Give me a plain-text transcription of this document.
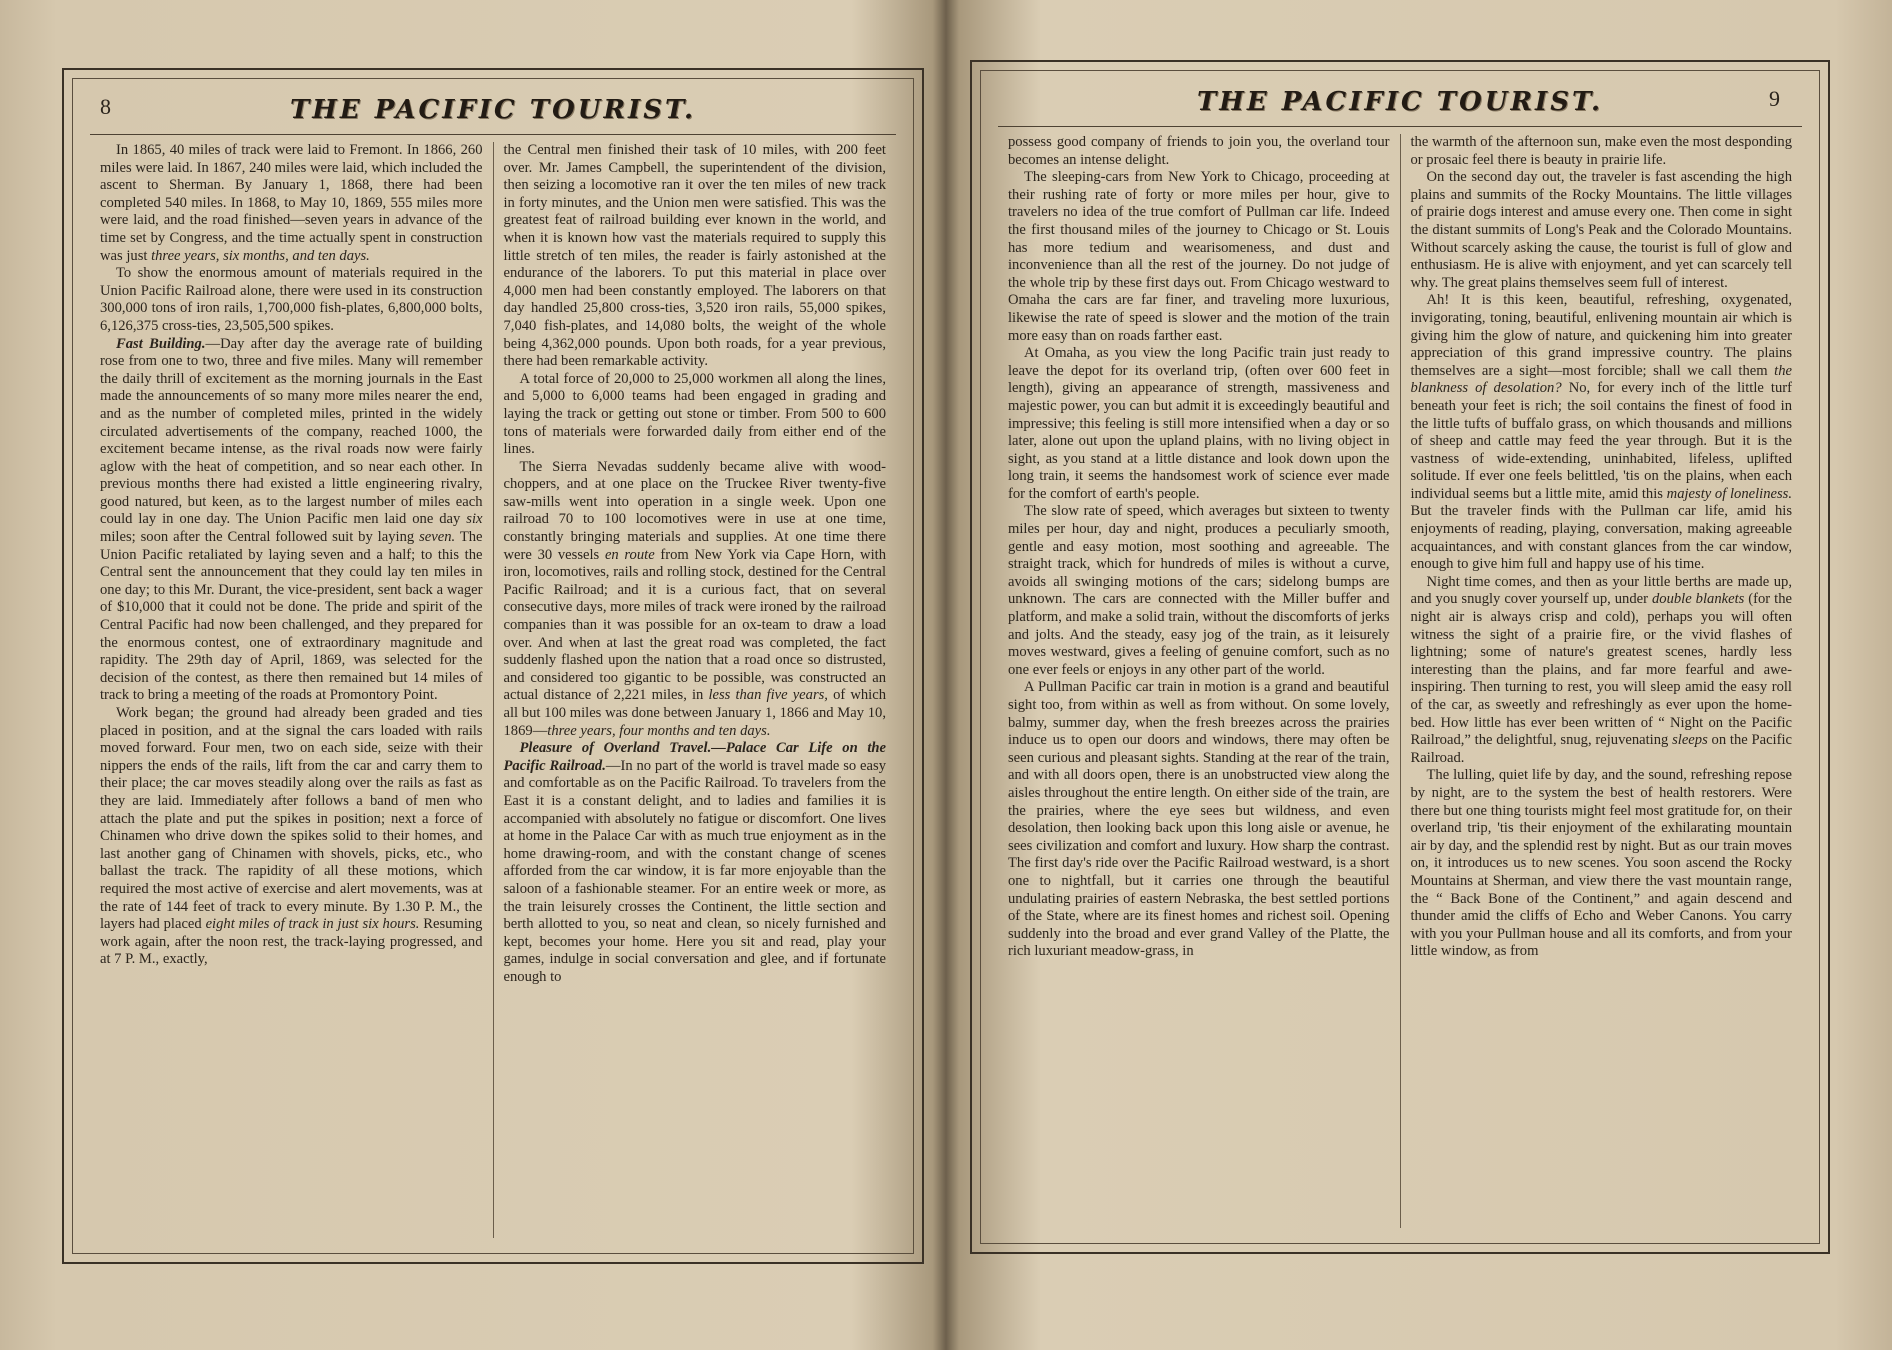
8	THE PACIFIC TOURIST.

In 1865, 40 miles of track were laid to Fremont. In 1866, 260 miles were laid. In 1867, 240 miles were laid, which included the ascent to Sherman. By January 1, 1868, there had been completed 540 miles. In 1868, to May 10, 1869, 555 miles more were laid, and the road finished—seven years in advance of the time set by Congress, and the time actually spent in construction was just three years, six months, and ten days.

To show the enormous amount of materials required in the Union Pacific Railroad alone, there were used in its construction 300,000 tons of iron rails, 1,700,000 fish-plates, 6,800,000 bolts, 6,126,375 cross-ties, 23,505,500 spikes.

Fast Building.—Day after day the average rate of building rose from one to two, three and five miles. Many will remember the daily thrill of excitement as the morning journals in the East made the announcements of so many more miles nearer the end, and as the number of completed miles, printed in the widely circulated advertisements of the company, reached 1000, the excitement became intense, as the rival roads now were fairly aglow with the heat of competition, and so near each other. In previous months there had existed a little engineering rivalry, good natured, but keen, as to the largest number of miles each could lay in one day. The Union Pacific men laid one day six miles; soon after the Central followed suit by laying seven. The Union Pacific retaliated by laying seven and a half; to this the Central sent the announcement that they could lay ten miles in one day; to this Mr. Durant, the vice-president, sent back a wager of $10,000 that it could not be done. The pride and spirit of the Central Pacific had now been challenged, and they prepared for the enormous contest, one of extraordinary magnitude and rapidity. The 29th day of April, 1869, was selected for the decision of the contest, as there then remained but 14 miles of track to bring a meeting of the roads at Promontory Point.

Work began; the ground had already been graded and ties placed in position, and at the signal the cars loaded with rails moved forward. Four men, two on each side, seize with their nippers the ends of the rails, lift from the car and carry them to their place; the car moves steadily along over the rails as fast as they are laid. Immediately after follows a band of men who attach the plate and put the spikes in position; next a force of Chinamen who drive down the spikes solid to their homes, and last another gang of Chinamen with shovels, picks, etc., who ballast the track. The rapidity of all these motions, which required the most active of exercise and alert movements, was at the rate of 144 feet of track to every minute. By 1.30 P. M., the layers had placed eight miles of track in just six hours. Resuming work again, after the noon rest, the track-laying progressed, and at 7 P. M., exactly,

the Central men finished their task of 10 miles, with 200 feet over. Mr. James Campbell, the superintendent of the division, then seizing a locomotive ran it over the ten miles of new track in forty minutes, and the Union men were satisfied. This was the greatest feat of railroad building ever known in the world, and when it is known how vast the materials required to supply this little stretch of ten miles, the reader is fairly astonished at the endurance of the laborers. To put this material in place over 4,000 men had been constantly employed. The laborers on that day handled 25,800 cross-ties, 3,520 iron rails, 55,000 spikes, 7,040 fish-plates, and 14,080 bolts, the weight of the whole being 4,362,000 pounds. Upon both roads, for a year previous, there had been remarkable activity.

A total force of 20,000 to 25,000 workmen all along the lines, and 5,000 to 6,000 teams had been engaged in grading and laying the track or getting out stone or timber. From 500 to 600 tons of materials were forwarded daily from either end of the lines.

The Sierra Nevadas suddenly became alive with wood-choppers, and at one place on the Truckee River twenty-five saw-mills went into operation in a single week. Upon one railroad 70 to 100 locomotives were in use at one time, constantly bringing materials and supplies. At one time there were 30 vessels en route from New York via Cape Horn, with iron, locomotives, rails and rolling stock, destined for the Central Pacific Railroad; and it is a curious fact, that on several consecutive days, more miles of track were ironed by the railroad companies than it was possible for an ox-team to draw a load over. And when at last the great road was completed, the fact suddenly flashed upon the nation that a road once so distrusted, and considered too gigantic to be possible, was constructed an actual distance of 2,221 miles, in less than five years, of which all but 100 miles was done between January 1, 1866 and May 10, 1869—three years, four months and ten days.

Pleasure of Overland Travel.—Palace Car Life on the Pacific Railroad.—In no part of the world is travel made so easy and comfortable as on the Pacific Railroad. To travelers from the East it is a constant delight, and to ladies and families it is accompanied with absolutely no fatigue or discomfort. One lives at home in the Palace Car with as much true enjoyment as in the home drawing-room, and with the constant change of scenes afforded from the car window, it is far more enjoyable than the saloon of a fashionable steamer. For an entire week or more, as the train leisurely crosses the Continent, the little section and berth allotted to you, so neat and clean, so nicely furnished and kept, becomes your home. Here you sit and read, play your games, indulge in social conversation and glee, and if fortunate enough to

THE PACIFIC TOURIST.	9

possess good company of friends to join you, the overland tour becomes an intense delight.

The sleeping-cars from New York to Chicago, proceeding at their rushing rate of forty or more miles per hour, give to travelers no idea of the true comfort of Pullman car life. Indeed the first thousand miles of the journey to Chicago or St. Louis has more tedium and wearisomeness, and dust and inconvenience than all the rest of the journey. Do not judge of the whole trip by these first days out. From Chicago westward to Omaha the cars are far finer, and traveling more luxurious, likewise the rate of speed is slower and the motion of the train more easy than on roads farther east.

At Omaha, as you view the long Pacific train just ready to leave the depot for its overland trip, (often over 600 feet in length), giving an appearance of strength, massiveness and majestic power, you can but admit it is exceedingly beautiful and impressive; this feeling is still more intensified when a day or so later, alone out upon the upland plains, with no living object in sight, as you stand at a little distance and look down upon the long train, it seems the handsomest work of science ever made for the comfort of earth's people.

The slow rate of speed, which averages but sixteen to twenty miles per hour, day and night, produces a peculiarly smooth, gentle and easy motion, most soothing and agreeable. The straight track, which for hundreds of miles is without a curve, avoids all swinging motions of the cars; sidelong bumps are unknown. The cars are connected with the Miller buffer and platform, and make a solid train, without the discomforts of jerks and jolts. And the steady, easy jog of the train, as it leisurely moves westward, gives a feeling of genuine comfort, such as no one ever feels or enjoys in any other part of the world.

A Pullman Pacific car train in motion is a grand and beautiful sight too, from within as well as from without. On some lovely, balmy, summer day, when the fresh breezes across the prairies induce us to open our doors and windows, there may often be seen curious and pleasant sights. Standing at the rear of the train, and with all doors open, there is an unobstructed view along the aisles throughout the entire length. On either side of the train, are the prairies, where the eye sees but wildness, and even desolation, then looking back upon this long aisle or avenue, he sees civilization and comfort and luxury. How sharp the contrast. The first day's ride over the Pacific Railroad westward, is a short one to nightfall, but it carries one through the beautiful undulating prairies of eastern Nebraska, the best settled portions of the State, where are its finest homes and richest soil. Opening suddenly into the broad and ever grand Valley of the Platte, the rich luxuriant meadow-grass, in

the warmth of the afternoon sun, make even the most desponding or prosaic feel there is beauty in prairie life.

On the second day out, the traveler is fast ascending the high plains and summits of the Rocky Mountains. The little villages of prairie dogs interest and amuse every one. Then come in sight the distant summits of Long's Peak and the Colorado Mountains. Without scarcely asking the cause, the tourist is full of glow and enthusiasm. He is alive with enjoyment, and yet can scarcely tell why. The great plains themselves seem full of interest.

Ah! It is this keen, beautiful, refreshing, oxygenated, invigorating, toning, beautiful, enlivening mountain air which is giving him the glow of nature, and quickening him into greater appreciation of this grand impressive country. The plains themselves are a sight—most forcible; shall we call them the blankness of desolation? No, for every inch of the little turf beneath your feet is rich; the soil contains the finest of food in the little tufts of buffalo grass, on which thousands and millions of sheep and cattle may feed the year through. But it is the vastness of wide-extending, uninhabited, lifeless, uplifted solitude. If ever one feels belittled, 'tis on the plains, when each individual seems but a little mite, amid this majesty of loneliness. But the traveler finds with the Pullman car life, amid his enjoyments of reading, playing, conversation, making agreeable acquaintances, and with constant glances from the car window, enough to give him full and happy use of his time.

Night time comes, and then as your little berths are made up, and you snugly cover yourself up, under double blankets (for the night air is always crisp and cold), perhaps you will often witness the sight of a prairie fire, or the vivid flashes of lightning; some of nature's greatest scenes, hardly less interesting than the plains, and far more fearful and awe-inspiring. Then turning to rest, you will sleep amid the easy roll of the car, as sweetly and refreshingly as ever upon the home-bed. How little has ever been written of “ Night on the Pacific Railroad,” the delightful, snug, rejuvenating sleeps on the Pacific Railroad.

The lulling, quiet life by day, and the sound, refreshing repose by night, are to the system the best of health restorers. Were there but one thing tourists might feel most gratitude for, on their overland trip, 'tis their enjoyment of the exhilarating mountain air by day, and the splendid rest by night. But as our train moves on, it introduces us to new scenes. You soon ascend the Rocky Mountains at Sherman, and view there the vast mountain range, the “ Back Bone of the Continent,” and again descend and thunder amid the cliffs of Echo and Weber Canons. You carry with you your Pullman house and all its comforts, and from your little window, as from
